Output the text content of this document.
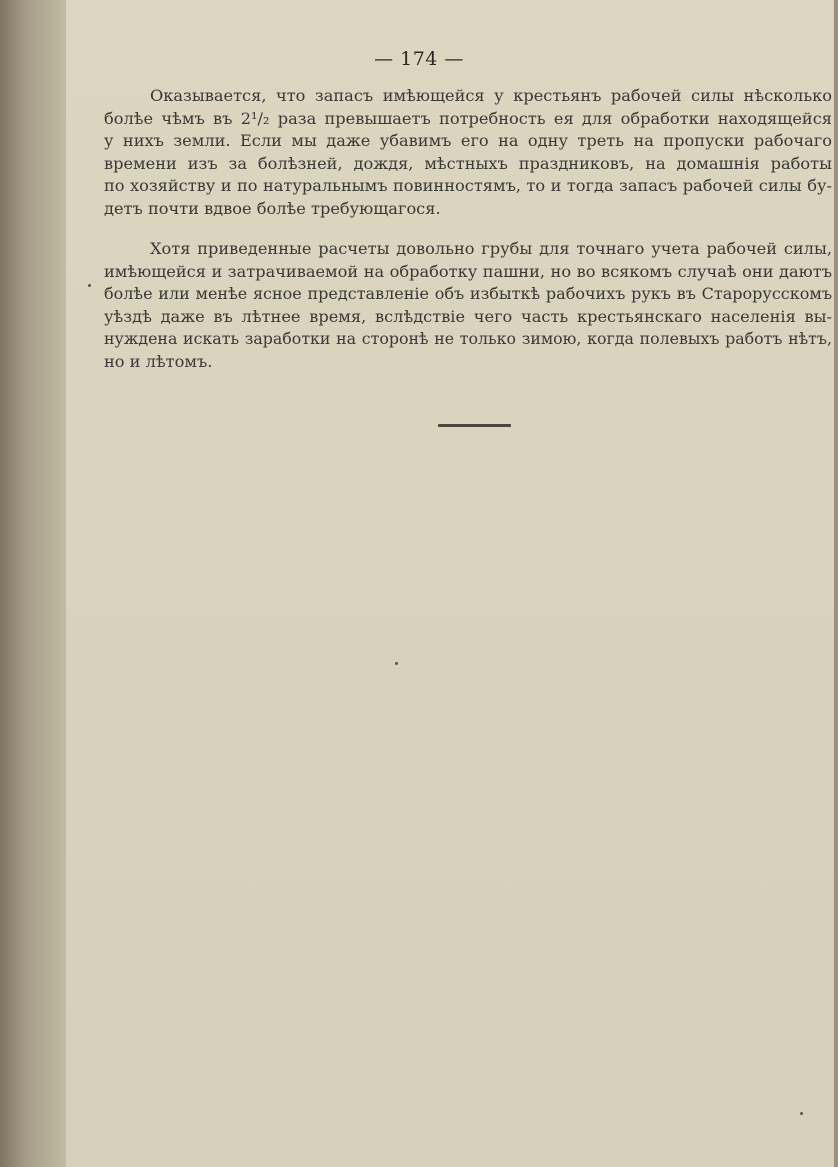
— 174 —
Оказывается, что запасъ имѣющейся у крестьянъ рабочей силы нѣсколько
болѣе чѣмъ въ 2¹/₂ раза превышаетъ потребность ея для обработки находящейся
у нихъ земли. Если мы даже убавимъ его на одну треть на пропуски рабочаго
времени изъ за болѣзней, дождя, мѣстныхъ праздниковъ, на домашнія работы
по хозяйству и по натуральнымъ повинностямъ, то и тогда запасъ рабочей силы бу-
детъ почти вдвое болѣе требующагося.
Хотя приведенные расчеты довольно грубы для точнаго учета рабочей силы,
имѣющейся и затрачиваемой на обработку пашни, но во всякомъ случаѣ они даютъ
болѣе или менѣе ясное представленіе объ избыткѣ рабочихъ рукъ въ Старорусскомъ
уѣздѣ даже въ лѣтнее время, вслѣдствіе чего часть крестьянскаго населенія вы-
нуждена искать заработки на сторонѣ не только зимою, когда полевыхъ работъ нѣтъ,
но и лѣтомъ.
